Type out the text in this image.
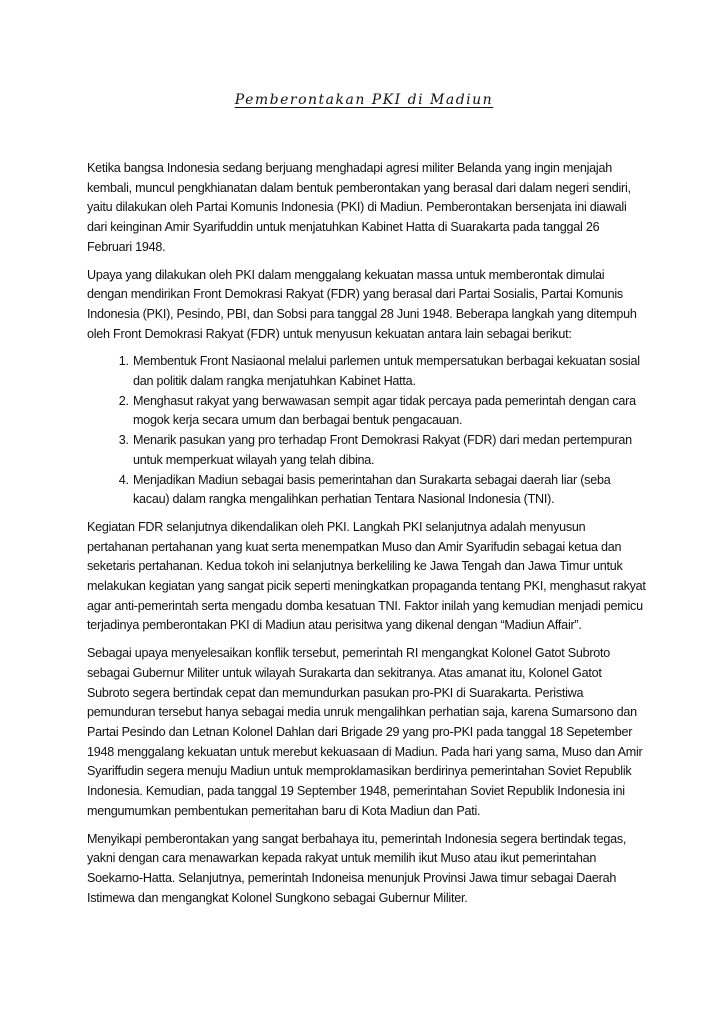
Pemberontakan PKI di Madiun

Ketika bangsa Indonesia sedang berjuang menghadapi agresi militer Belanda yang ingin menjajah kembali, muncul pengkhianatan dalam bentuk pemberontakan yang berasal dari dalam negeri sendiri, yaitu dilakukan oleh Partai Komunis Indonesia (PKI) di Madiun. Pemberontakan bersenjata ini diawali dari keinginan Amir Syarifuddin untuk menjatuhkan Kabinet Hatta di Suarakarta pada tanggal 26 Februari 1948.

Upaya yang dilakukan oleh PKI dalam menggalang kekuatan massa untuk memberontak dimulai dengan mendirikan Front Demokrasi Rakyat (FDR) yang berasal dari Partai Sosialis, Partai Komunis Indonesia (PKI), Pesindo, PBI, dan Sobsi para tanggal 28 Juni 1948. Beberapa langkah yang ditempuh oleh Front Demokrasi Rakyat (FDR) untuk menyusun kekuatan antara lain sebagai berikut:

1. Membentuk Front Nasiaonal melalui parlemen untuk mempersatukan berbagai kekuatan sosial dan politik dalam rangka menjatuhkan Kabinet Hatta.
2. Menghasut rakyat yang berwawasan sempit agar tidak percaya pada pemerintah dengan cara mogok kerja secara umum dan berbagai bentuk pengacauan.
3. Menarik pasukan yang pro terhadap Front Demokrasi Rakyat (FDR) dari medan pertempuran untuk memperkuat wilayah yang telah dibina.
4. Menjadikan Madiun sebagai basis pemerintahan dan Surakarta sebagai daerah liar (seba kacau) dalam rangka mengalihkan perhatian Tentara Nasional Indonesia (TNI).

Kegiatan FDR selanjutnya dikendalikan oleh PKI. Langkah PKI selanjutnya adalah menyusun pertahanan pertahanan yang kuat serta menempatkan Muso dan Amir Syarifudin sebagai ketua dan seketaris pertahanan. Kedua tokoh ini selanjutnya berkeliling ke Jawa Tengah dan Jawa Timur untuk melakukan kegiatan yang sangat picik seperti meningkatkan propaganda tentang PKI, menghasut rakyat agar anti-pemerintah serta mengadu domba kesatuan TNI. Faktor inilah yang kemudian menjadi pemicu terjadinya pemberontakan PKI di Madiun atau perisitwa yang dikenal dengan “Madiun Affair”.

Sebagai upaya menyelesaikan konflik tersebut, pemerintah RI mengangkat Kolonel Gatot Subroto sebagai Gubernur Militer untuk wilayah Surakarta dan sekitranya. Atas amanat itu, Kolonel Gatot Subroto segera bertindak cepat dan memundurkan pasukan pro-PKI di Suarakarta. Peristiwa pemunduran tersebut hanya sebagai media unruk mengalihkan perhatian saja, karena Sumarsono dan Partai Pesindo dan Letnan Kolonel Dahlan dari Brigade 29 yang pro-PKI pada tanggal 18 Sepetember 1948 menggalang kekuatan untuk merebut kekuasaan di Madiun. Pada hari yang sama, Muso dan Amir Syariffudin segera menuju Madiun untuk memproklamasikan berdirinya pemerintahan Soviet Republik Indonesia. Kemudian, pada tanggal 19 September 1948, pemerintahan Soviet Republik Indonesia ini mengumumkan pembentukan pemeritahan baru di Kota Madiun dan Pati.

Menyikapi pemberontakan yang sangat berbahaya itu, pemerintah Indonesia segera bertindak tegas, yakni dengan cara menawarkan kepada rakyat untuk memilih ikut Muso atau ikut pemerintahan Soekarno-Hatta. Selanjutnya, pemerintah Indoneisa menunjuk Provinsi Jawa timur sebagai Daerah Istimewa dan mengangkat Kolonel Sungkono sebagai Gubernur Militer.
